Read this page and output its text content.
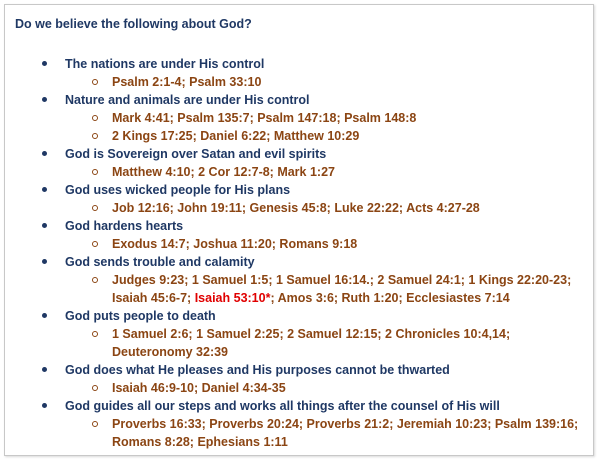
Do we believe the following about God?
The nations are under His control
Psalm 2:1-4; Psalm 33:10
Nature and animals are under His control
Mark 4:41; Psalm 135:7; Psalm 147:18; Psalm 148:8
2 Kings 17:25; Daniel 6:22; Matthew 10:29
God is Sovereign over Satan and evil spirits
Matthew 4:10; 2 Cor 12:7-8; Mark 1:27
God uses wicked people for His plans
Job 12:16; John 19:11; Genesis 45:8; Luke 22:22; Acts 4:27-28
God hardens hearts
Exodus 14:7; Joshua 11:20; Romans 9:18
God sends trouble and calamity
Judges 9:23; 1 Samuel 1:5; 1 Samuel 16:14.; 2 Samuel 24:1; 1 Kings 22:20-23; Isaiah 45:6-7; Isaiah 53:10*; Amos 3:6; Ruth 1:20; Ecclesiastes 7:14
God puts people to death
1 Samuel 2:6; 1 Samuel 2:25; 2 Samuel 12:15; 2 Chronicles 10:4,14; Deuteronomy 32:39
God does what He pleases and His purposes cannot be thwarted
Isaiah 46:9-10; Daniel 4:34-35
God guides all our steps and works all things after the counsel of His will
Proverbs 16:33; Proverbs 20:24; Proverbs 21:2; Jeremiah 10:23; Psalm 139:16; Romans 8:28; Ephesians 1:11
